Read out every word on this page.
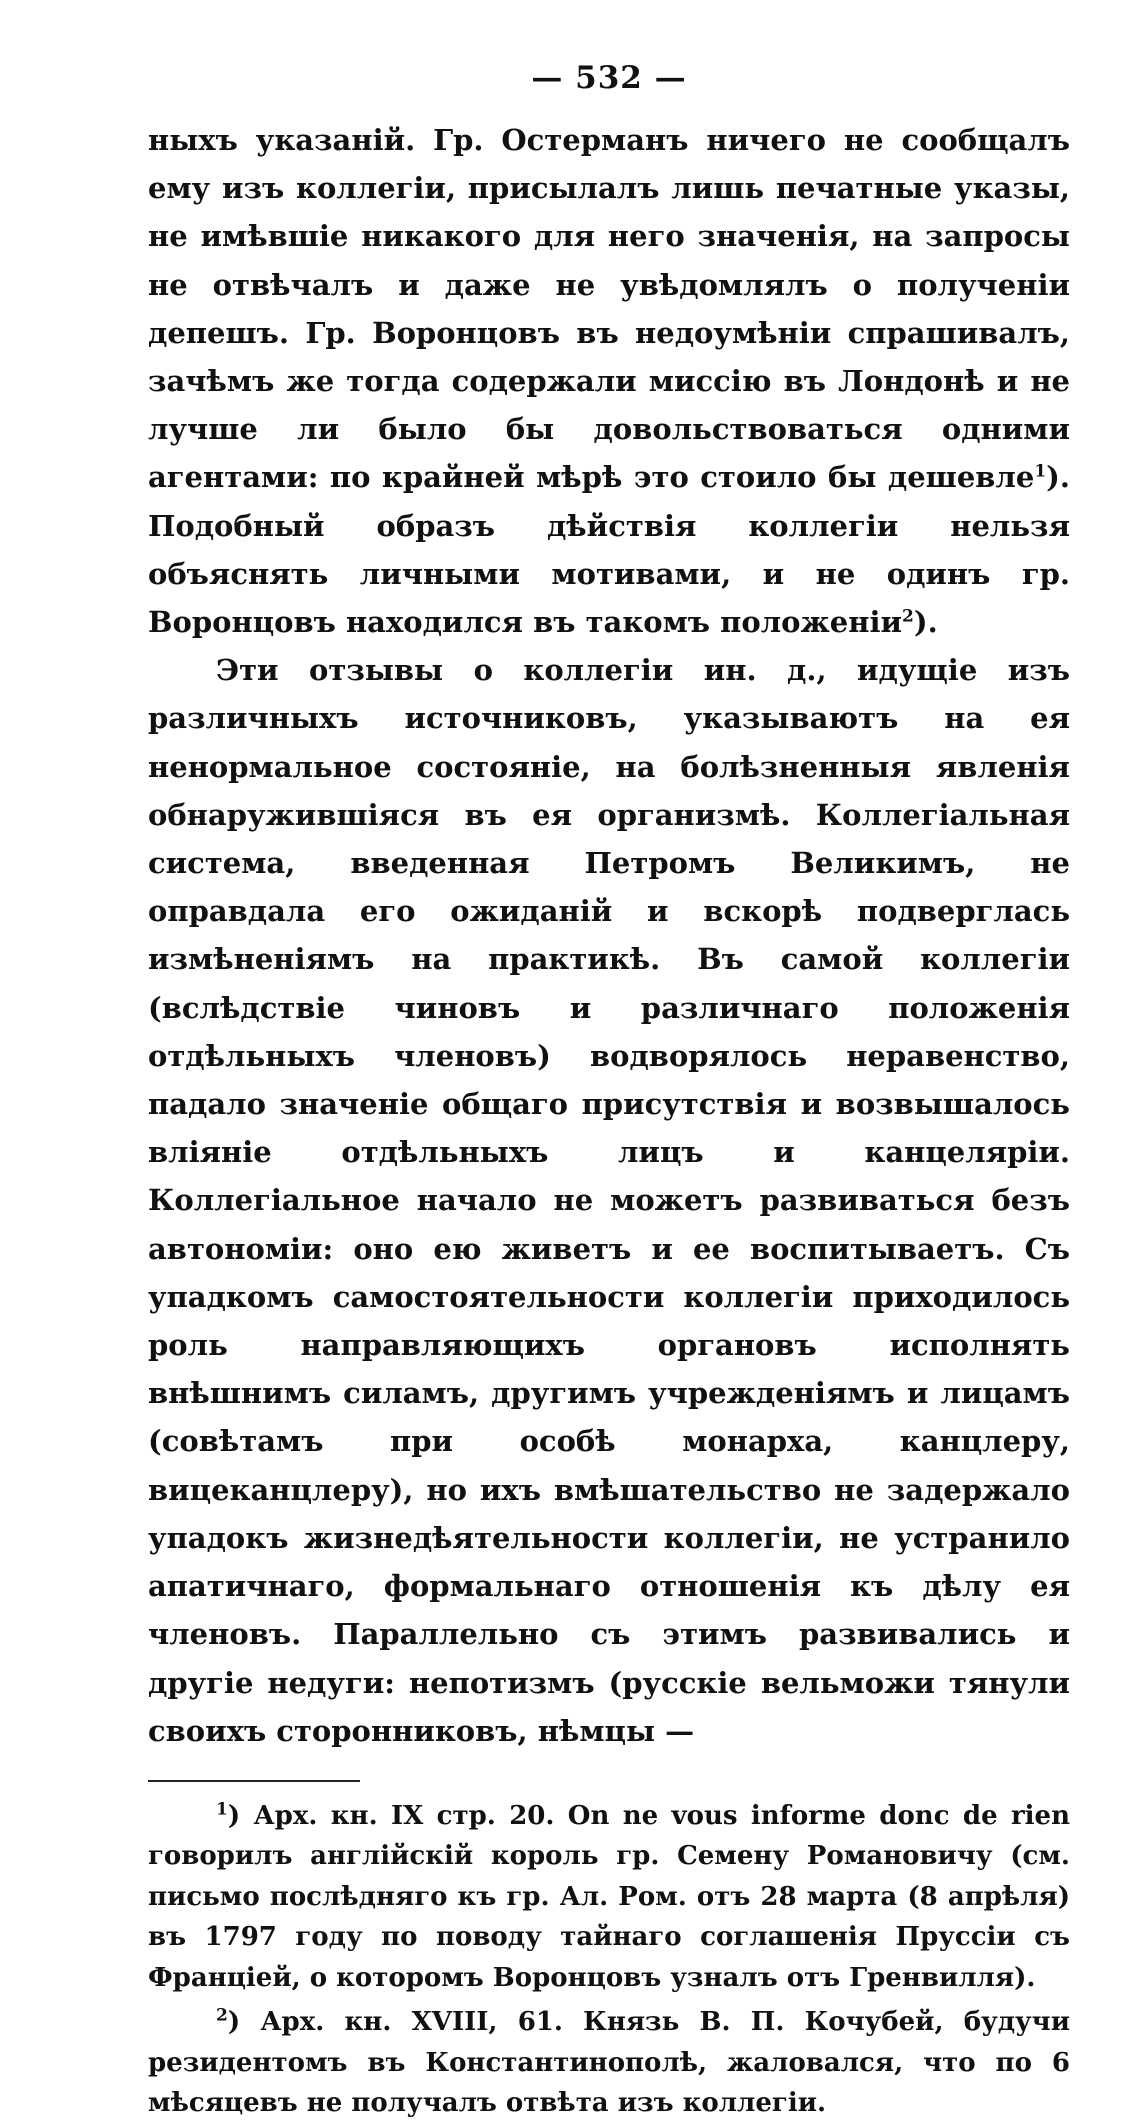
— 532 —

ныхъ указаній. Гр. Остерманъ ничего не сообщалъ ему изъ коллегіи, присылалъ лишь печатные указы, не имѣвшіе никакого для него значенія, на запросы не отвѣчалъ и даже не увѣдомлялъ о полученіи депешъ. Гр. Воронцовъ въ недоумѣніи спрашивалъ, зачѣмъ же тогда содержали миссію въ Лондонѣ и не лучше ли было бы довольствоваться одними агентами: по крайней мѣрѣ это стоило бы дешевле$^1$). Подобный образъ дѣйствія коллегіи нельзя объяснять личными мотивами, и не одинъ гр. Воронцовъ находился въ такомъ положеніи$^2$).

Эти отзывы о коллегіи ин. д., идущіе изъ различныхъ источниковъ, указываютъ на ея ненормальное состояніе, на болѣзненныя явленія обнаружившіяся въ ея организмѣ. Коллегіальная система, введенная Петромъ Великимъ, не оправдала его ожиданій и вскорѣ подверглась измѣненіямъ на практикѣ. Въ самой коллегіи (вслѣдствіе чиновъ и различнаго положенія отдѣльныхъ членовъ) водворялось неравенство, падало значеніе общаго присутствія и возвышалось вліяніе отдѣльныхъ лицъ и канцеляріи. Коллегіальное начало не можетъ развиваться безъ автономіи: оно ею живетъ и ее воспитываетъ. Съ упадкомъ самостоятельности коллегіи приходилось роль направляющихъ органовъ исполнять внѣшнимъ силамъ, другимъ учрежденіямъ и лицамъ (совѣтамъ при особѣ монарха, канцлеру, вицеканцлеру), но ихъ вмѣшательство не задержало упадокъ жизнедѣятельности коллегіи, не устранило апатичнаго, формальнаго отношенія къ дѣлу ея членовъ. Параллельно съ этимъ развивались и другіе недуги: непотизмъ (русскіе вельможи тянули своихъ сторонниковъ, нѣмцы —

$^1$) Арх. кн. IX стр. 20. On ne vous informe donc de rien говорилъ англійскій король гр. Семену Романовичу (см. письмо послѣдняго къ гр. Ал. Ром. отъ 28 марта (8 апрѣля) въ 1797 году по поводу тайнаго соглашенія Пруссіи съ Франціей, о которомъ Воронцовъ узналъ отъ Гренвилля).

$^2$) Арх. кн. XVIII, 61. Князь В. П. Кочубей, будучи резидентомъ въ Константинополѣ, жаловался, что по 6 мѣсяцевъ не получалъ отвѣта изъ коллегіи.
